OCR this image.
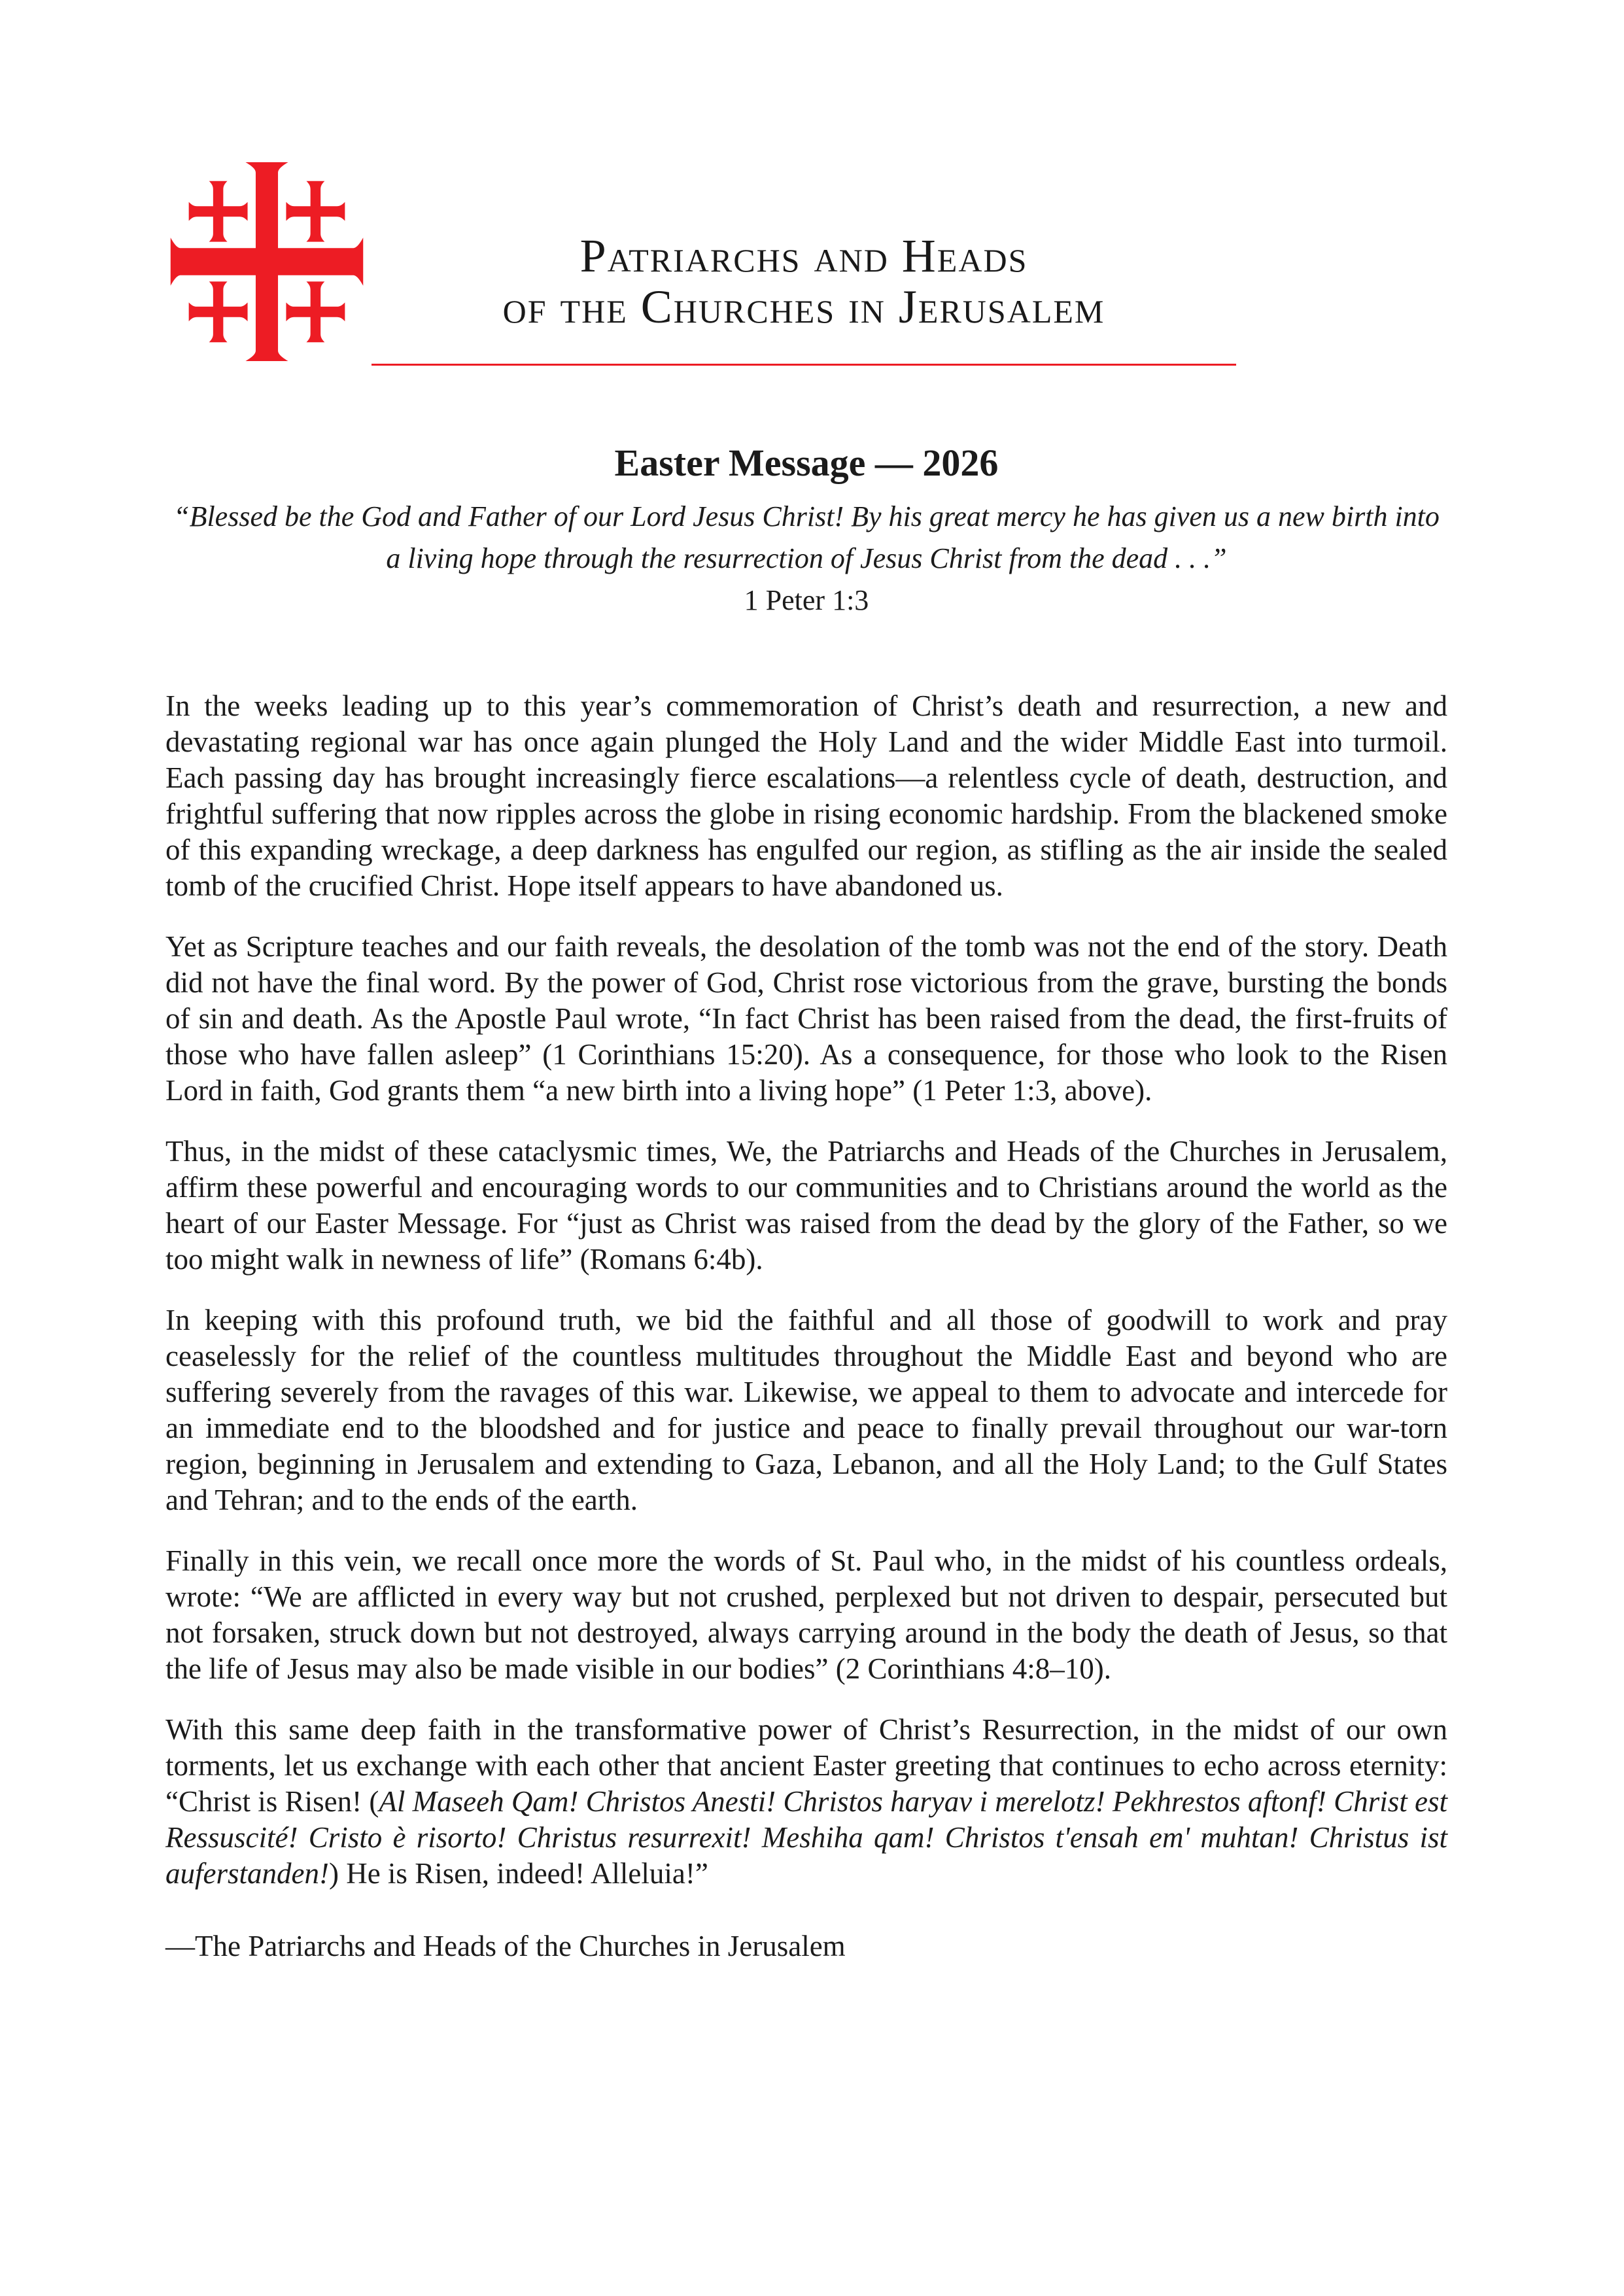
Patriarchs and Heads
of the Churches in Jerusalem
Easter Message — 2026

“Blessed be the God and Father of our Lord Jesus Christ! By his great mercy he has given us a new birth into a living hope through the resurrection of Jesus Christ from the dead . . .”

1 Peter 1:3

In the weeks leading up to this year’s commemoration of Christ’s death and resurrection, a new and devastating regional war has once again plunged the Holy Land and the wider Middle East into turmoil. Each passing day has brought increasingly fierce escalations—a relentless cycle of death, destruction, and frightful suffering that now ripples across the globe in rising economic hardship. From the blackened smoke of this expanding wreckage, a deep darkness has engulfed our region, as stifling as the air inside the sealed tomb of the crucified Christ. Hope itself appears to have abandoned us.

Yet as Scripture teaches and our faith reveals, the desolation of the tomb was not the end of the story. Death did not have the final word. By the power of God, Christ rose victorious from the grave, bursting the bonds of sin and death. As the Apostle Paul wrote, “In fact Christ has been raised from the dead, the first-fruits of those who have fallen asleep” (1 Corinthians 15:20). As a consequence, for those who look to the Risen Lord in faith, God grants them “a new birth into a living hope” (1 Peter 1:3, above).

Thus, in the midst of these cataclysmic times, We, the Patriarchs and Heads of the Churches in Jerusalem, affirm these powerful and encouraging words to our communities and to Christians around the world as the heart of our Easter Message. For “just as Christ was raised from the dead by the glory of the Father, so we too might walk in newness of life” (Romans 6:4b).

In keeping with this profound truth, we bid the faithful and all those of goodwill to work and pray ceaselessly for the relief of the countless multitudes throughout the Middle East and beyond who are suffering severely from the ravages of this war. Likewise, we appeal to them to advocate and intercede for an immediate end to the bloodshed and for justice and peace to finally prevail throughout our war-torn region, beginning in Jerusalem and extending to Gaza, Lebanon, and all the Holy Land; to the Gulf States and Tehran; and to the ends of the earth.

Finally in this vein, we recall once more the words of St. Paul who, in the midst of his countless ordeals, wrote: “We are afflicted in every way but not crushed, perplexed but not driven to despair, persecuted but not forsaken, struck down but not destroyed, always carrying around in the body the death of Jesus, so that the life of Jesus may also be made visible in our bodies” (2 Corinthians 4:8–10).

With this same deep faith in the transformative power of Christ’s Resurrection, in the midst of our own torments, let us exchange with each other that ancient Easter greeting that continues to echo across eternity: “Christ is Risen! (Al Maseeh Qam! Christos Anesti! Christos haryav i merelotz! Pekhrestos aftonf! Christ est Ressuscité! Cristo è risorto! Christus resurrexit! Meshiha qam! Christos t'ensah em' muhtan! Christus ist auferstanden!) He is Risen, indeed! Alleluia!”

—The Patriarchs and Heads of the Churches in Jerusalem
